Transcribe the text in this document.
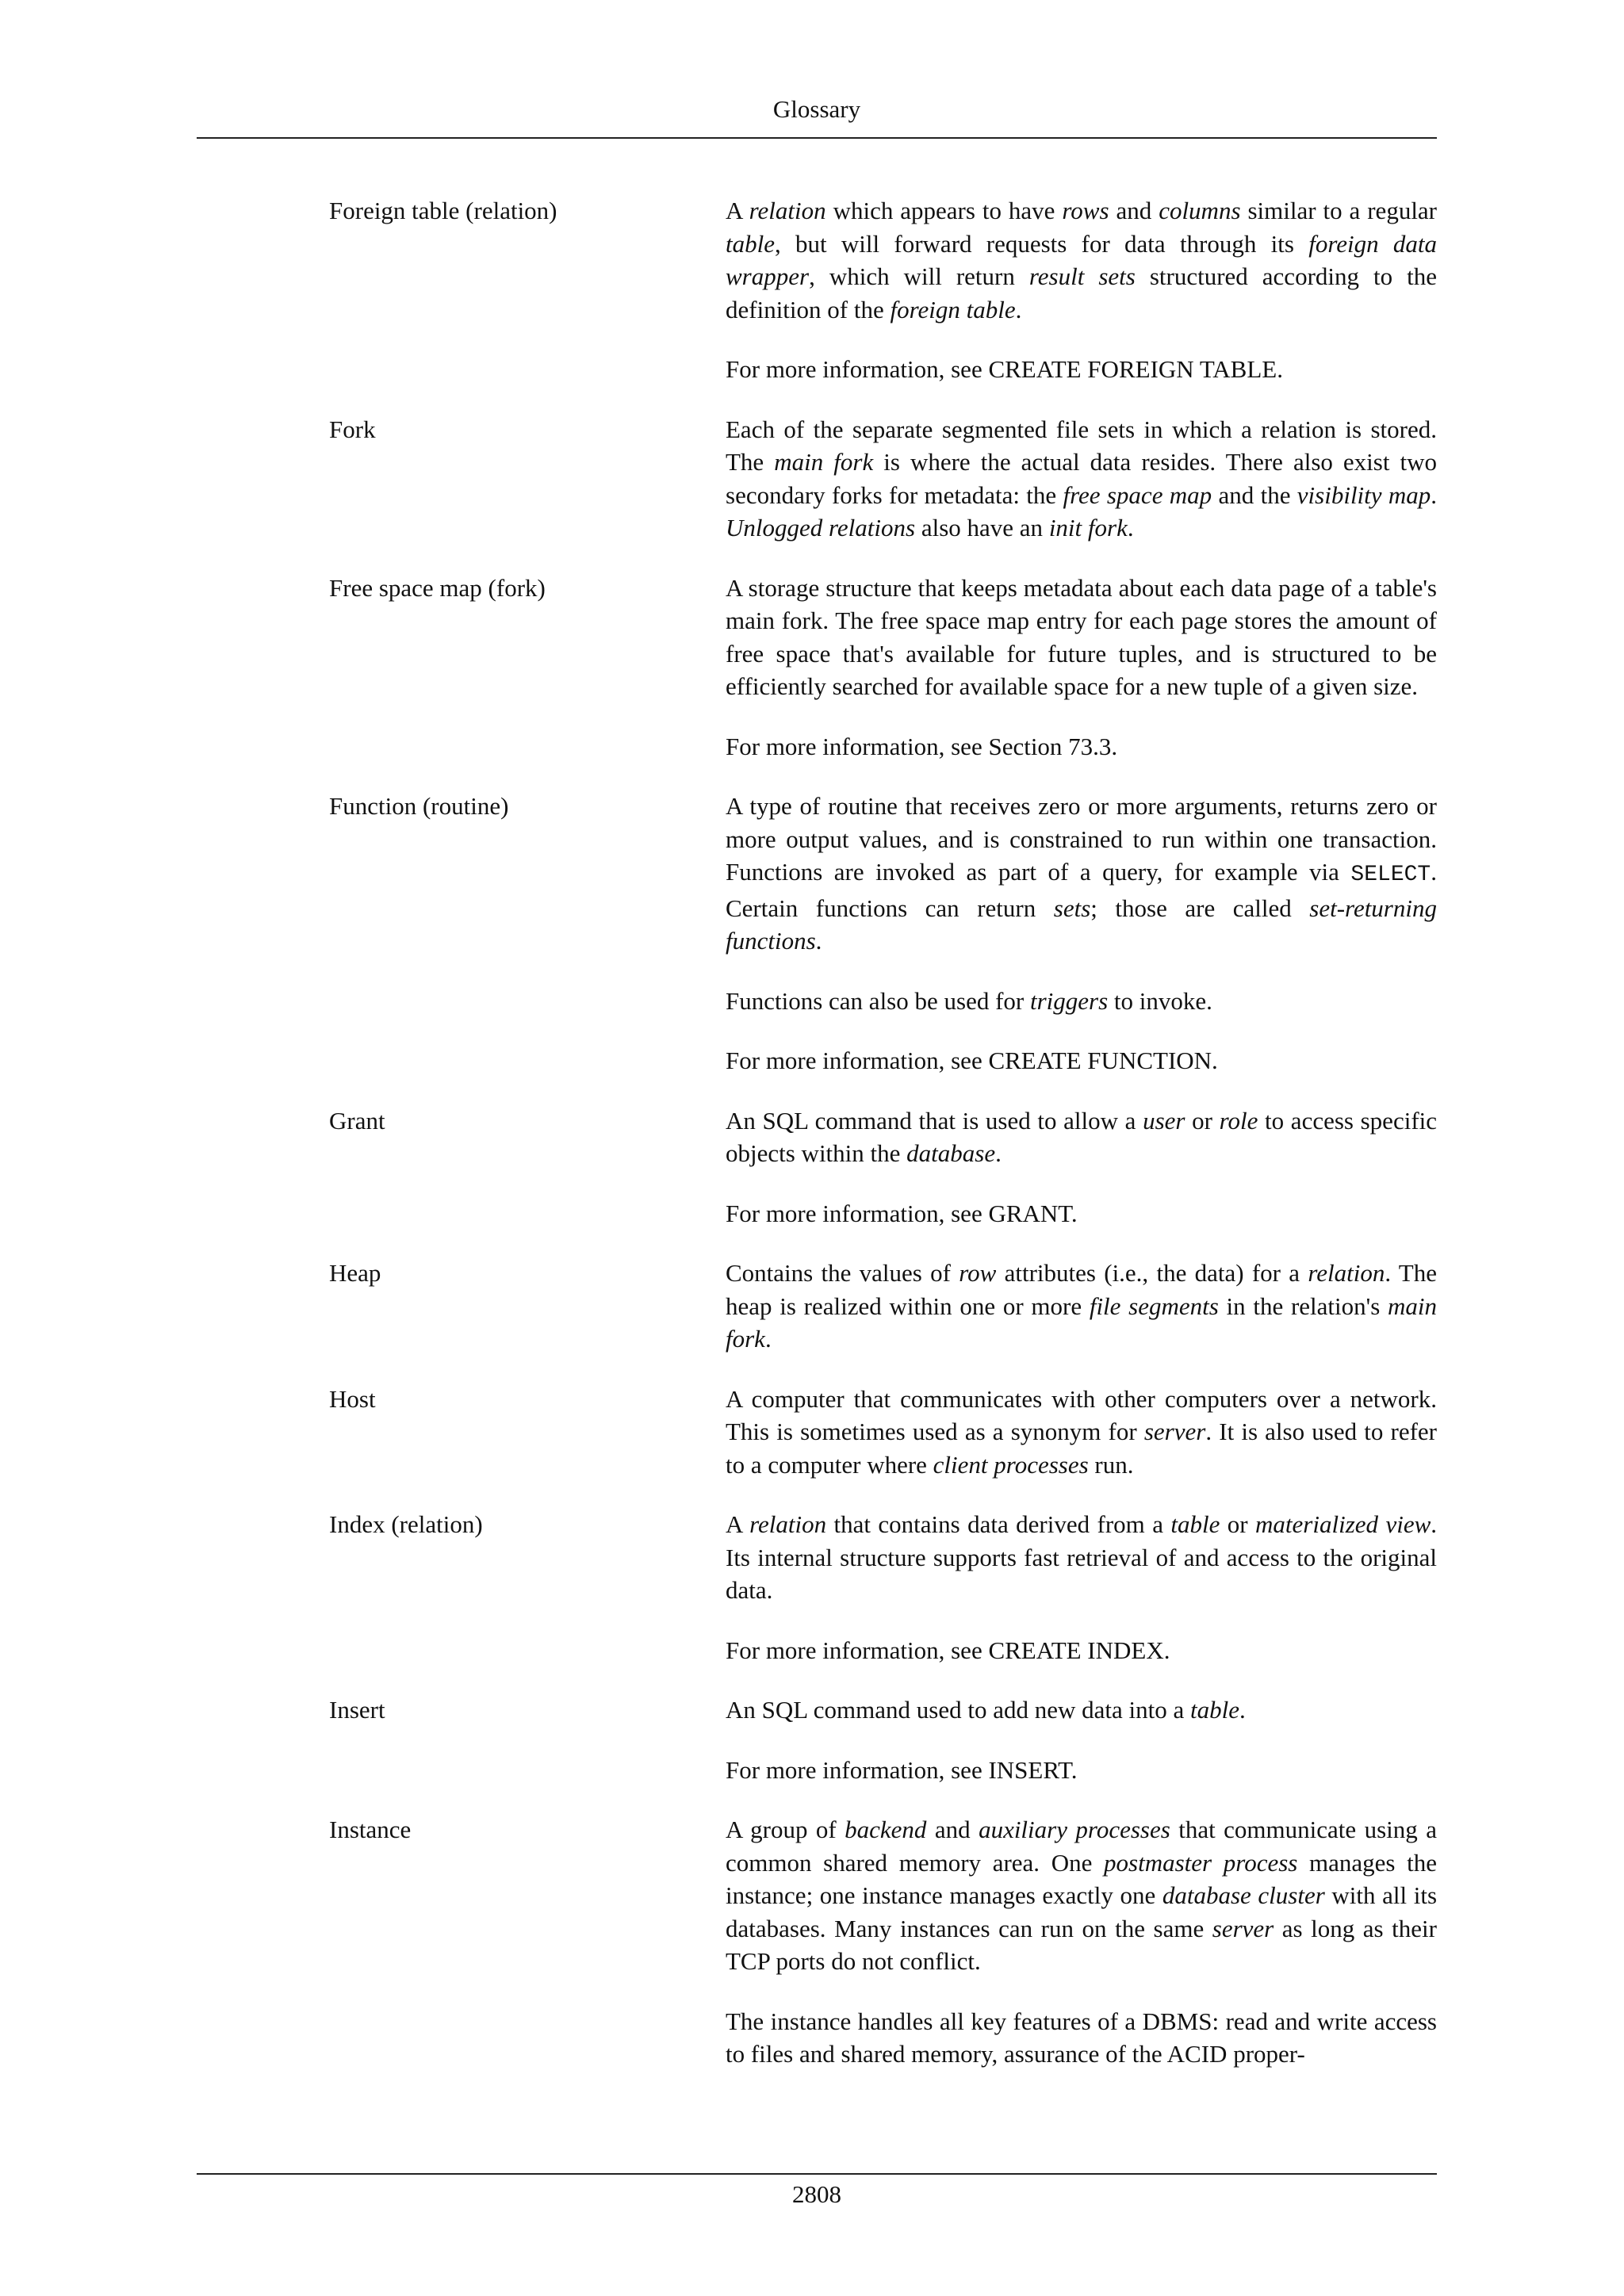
Glossary
Foreign table (relation)	A relation which appears to have rows and columns similar to a regular table, but will forward requests for data through its foreign data wrapper, which will return result sets structured according to the definition of the foreign table.

For more information, see CREATE FOREIGN TABLE.

Fork	Each of the separate segmented file sets in which a relation is stored. The main fork is where the actual data resides. There also exist two secondary forks for metadata: the free space map and the visibility map. Unlogged relations also have an init fork.

Free space map (fork)	A storage structure that keeps metadata about each data page of a table's main fork. The free space map entry for each page stores the amount of free space that's available for future tuples, and is structured to be efficiently searched for available space for a new tuple of a given size.

For more information, see Section 73.3.

Function (routine)	A type of routine that receives zero or more arguments, returns zero or more output values, and is constrained to run within one transaction. Functions are invoked as part of a query, for example via SELECT. Certain functions can return sets; those are called set-returning functions.

Functions can also be used for triggers to invoke.

For more information, see CREATE FUNCTION.

Grant	An SQL command that is used to allow a user or role to access specific objects within the database.

For more information, see GRANT.

Heap	Contains the values of row attributes (i.e., the data) for a relation. The heap is realized within one or more file segments in the relation's main fork.

Host	A computer that communicates with other computers over a network. This is sometimes used as a synonym for server. It is also used to refer to a computer where client processes run.

Index (relation)	A relation that contains data derived from a table or materialized view. Its internal structure supports fast retrieval of and access to the original data.

For more information, see CREATE INDEX.

Insert	An SQL command used to add new data into a table.

For more information, see INSERT.

Instance	A group of backend and auxiliary processes that communicate using a common shared memory area. One postmaster process manages the instance; one instance manages exactly one database cluster with all its databases. Many instances can run on the same server as long as their TCP ports do not conflict.

The instance handles all key features of a DBMS: read and write access to files and shared memory, assurance of the ACID proper-

2808
